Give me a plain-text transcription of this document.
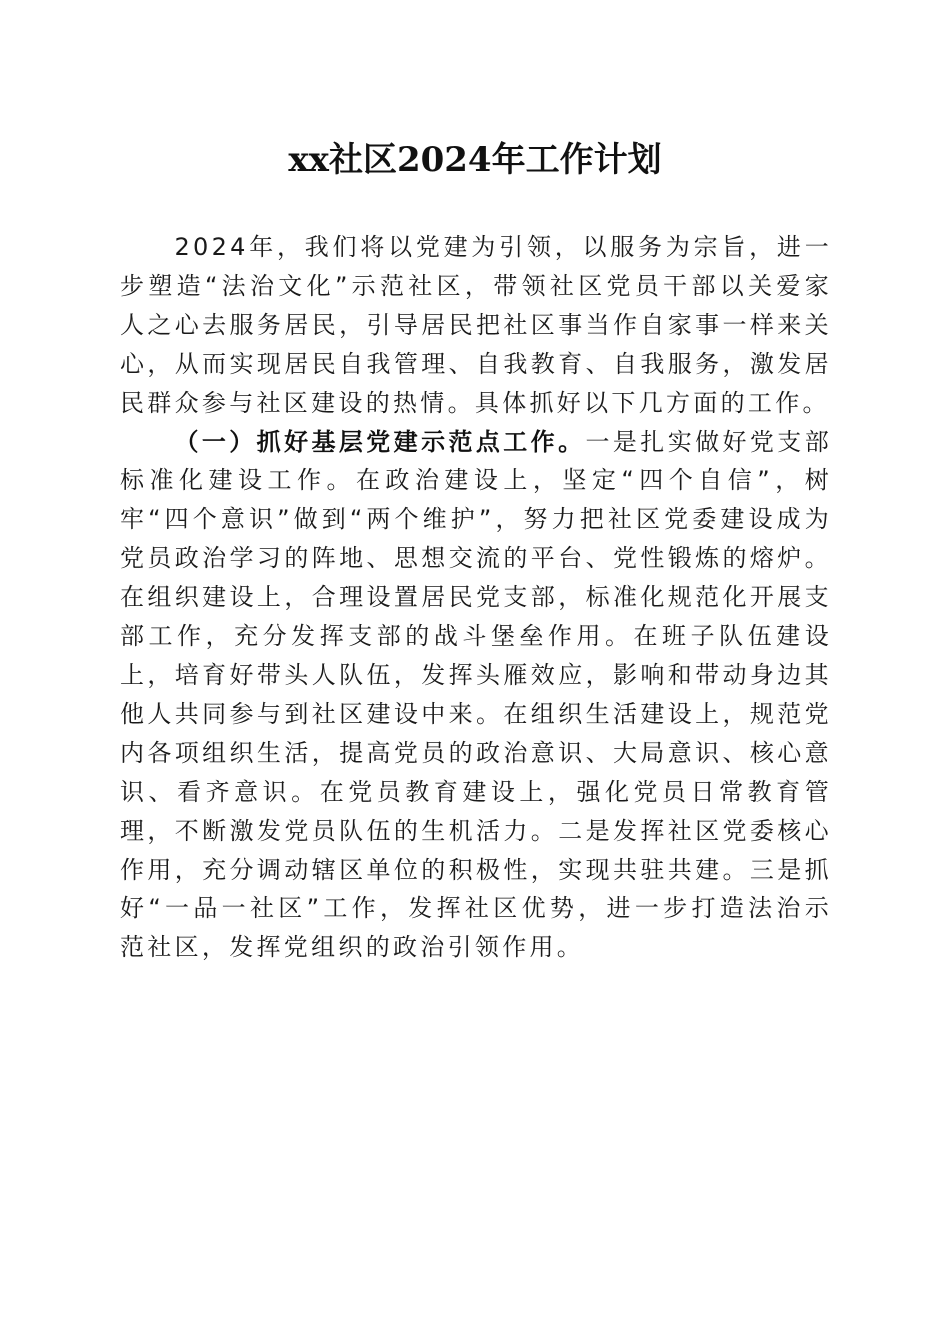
xx社区2024年工作计划

2024年，我们将以党建为引领，以服务为宗旨，进一步塑造“法治文化”示范社区，带领社区党员干部以关爱家人之心去服务居民，引导居民把社区事当作自家事一样来关心，从而实现居民自我管理、自我教育、自我服务，激发居民群众参与社区建设的热情。具体抓好以下几方面的工作。

（一）抓好基层党建示范点工作。一是扎实做好党支部标准化建设工作。在政治建设上，坚定“四个自信”，树牢“四个意识”做到“两个维护”，努力把社区党委建设成为党员政治学习的阵地、思想交流的平台、党性锻炼的熔炉。在组织建设上，合理设置居民党支部，标准化规范化开展支部工作，充分发挥支部的战斗堡垒作用。在班子队伍建设上，培育好带头人队伍，发挥头雁效应，影响和带动身边其他人共同参与到社区建设中来。在组织生活建设上，规范党内各项组织生活，提高党员的政治意识、大局意识、核心意识、看齐意识。在党员教育建设上，强化党员日常教育管理，不断激发党员队伍的生机活力。二是发挥社区党委核心作用，充分调动辖区单位的积极性，实现共驻共建。三是抓好“一品一社区”工作，发挥社区优势，进一步打造法治示范社区，发挥党组织的政治引领作用。
